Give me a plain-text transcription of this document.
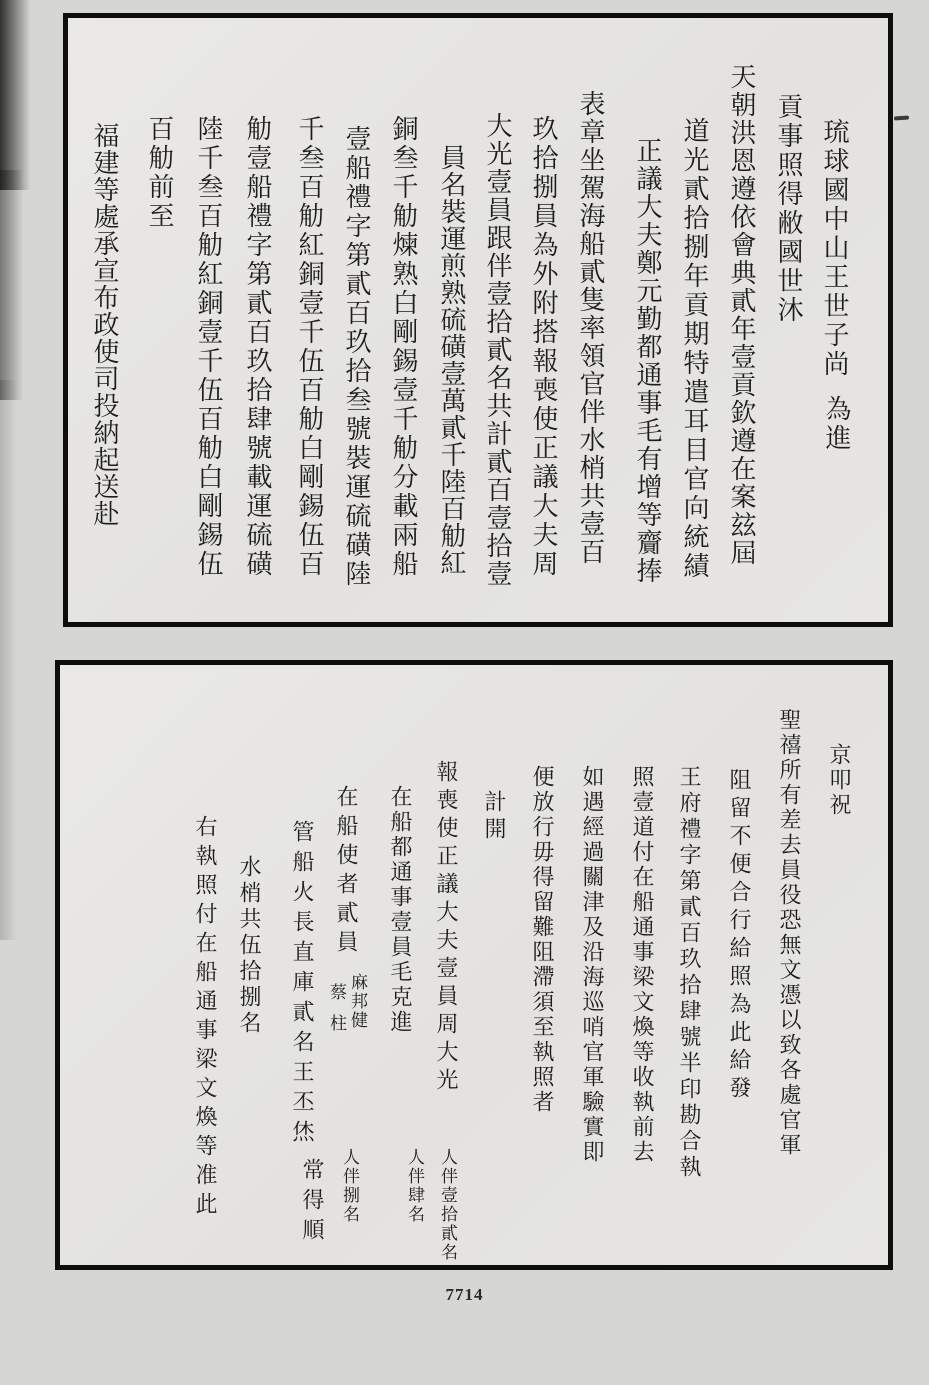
琉球國中山王世子尚
為進
貢事照得敝國世沐
天朝洪恩遵依會典貳年壹貢欽遵在案玆屆
道光貳拾捌年貢期特遣耳目官向統績
正議大夫鄭元勤都通事毛有增等齎捧
表章坐駕海船貳隻率領官伴水梢共壹百
玖拾捌員為外附搭報喪使正議大夫周
大光壹員跟伴壹拾貳名共計貳百壹拾壹
員名裝運煎熟硫磺壹萬貳千陸百觔紅
銅叁千觔煉熟白剛錫壹千觔分載兩船
壹船禮字第貳百玖拾叁號裝運硫磺陸
千叁百觔紅銅壹千伍百觔白剛錫伍百
觔壹船禮字第貳百玖拾肆號載運硫磺
陸千叁百觔紅銅壹千伍百觔白剛錫伍
百觔前至
福建等處承宣布政使司投納起送赴
京叩祝
聖禧所有差去員役恐無文憑以致各處官軍
阻留不便合行給照為此給發
王府禮字第貳百玖拾肆號半印勘合執
照壹道付在船通事梁文煥等收執前去
如遇經過關津及沿海巡哨官軍驗實即
便放行毋得留難阻滯須至執照者
計開
報喪使正議大夫壹員周大光
人伴壹拾貳名
在船都通事壹員毛克進
人伴肆名
在船使者貳員
麻邦健
蔡柱
人伴捌名
管船火長直庫貳名王丕烋
常得順
水梢共伍拾捌名
右執照付在船通事梁文煥等准此
7714
